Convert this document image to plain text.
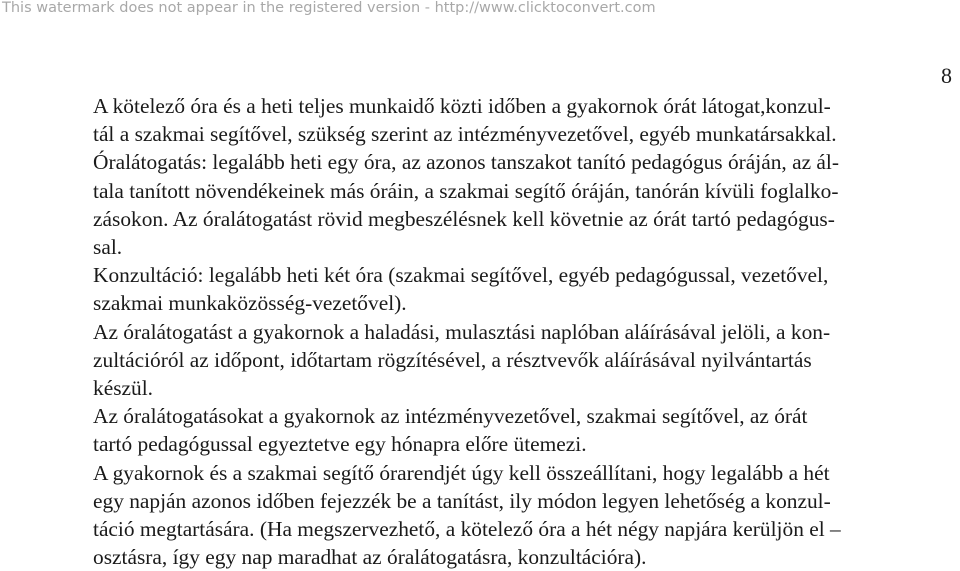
This watermark does not appear in the registered version - http://www.clicktoconvert.com
8
A kötelező óra és a heti teljes munkaidő közti időben a gyakornok órát látogat,konzul-
tál a szakmai segítővel, szükség szerint az intézményvezetővel, egyéb munkatársakkal.
Óralátogatás: legalább heti egy óra, az azonos tanszakot tanító pedagógus óráján, az ál-
tala tanított növendékeinek más óráin, a szakmai segítő óráján, tanórán kívüli foglalko-
zásokon. Az óralátogatást rövid megbeszélésnek kell követnie az órát tartó pedagógus-
sal.
Konzultáció: legalább heti két óra (szakmai segítővel, egyéb pedagógussal, vezetővel,
szakmai munkaközösség-vezetővel).
Az óralátogatást a gyakornok a haladási, mulasztási naplóban aláírásával jelöli, a kon-
zultációról az időpont, időtartam rögzítésével, a résztvevők aláírásával nyilvántartás
készül.
Az óralátogatásokat a gyakornok az intézményvezetővel, szakmai segítővel, az órát
tartó pedagógussal egyeztetve egy hónapra előre ütemezi.
A gyakornok és a szakmai segítő órarendjét úgy kell összeállítani, hogy legalább a hét
egy napján azonos időben fejezzék be a tanítást, ily módon legyen lehetőség a konzul-
táció megtartására. (Ha megszervezhető, a kötelező óra a hét négy napjára kerüljön el –
osztásra, így egy nap maradhat az óralátogatásra, konzultációra).
